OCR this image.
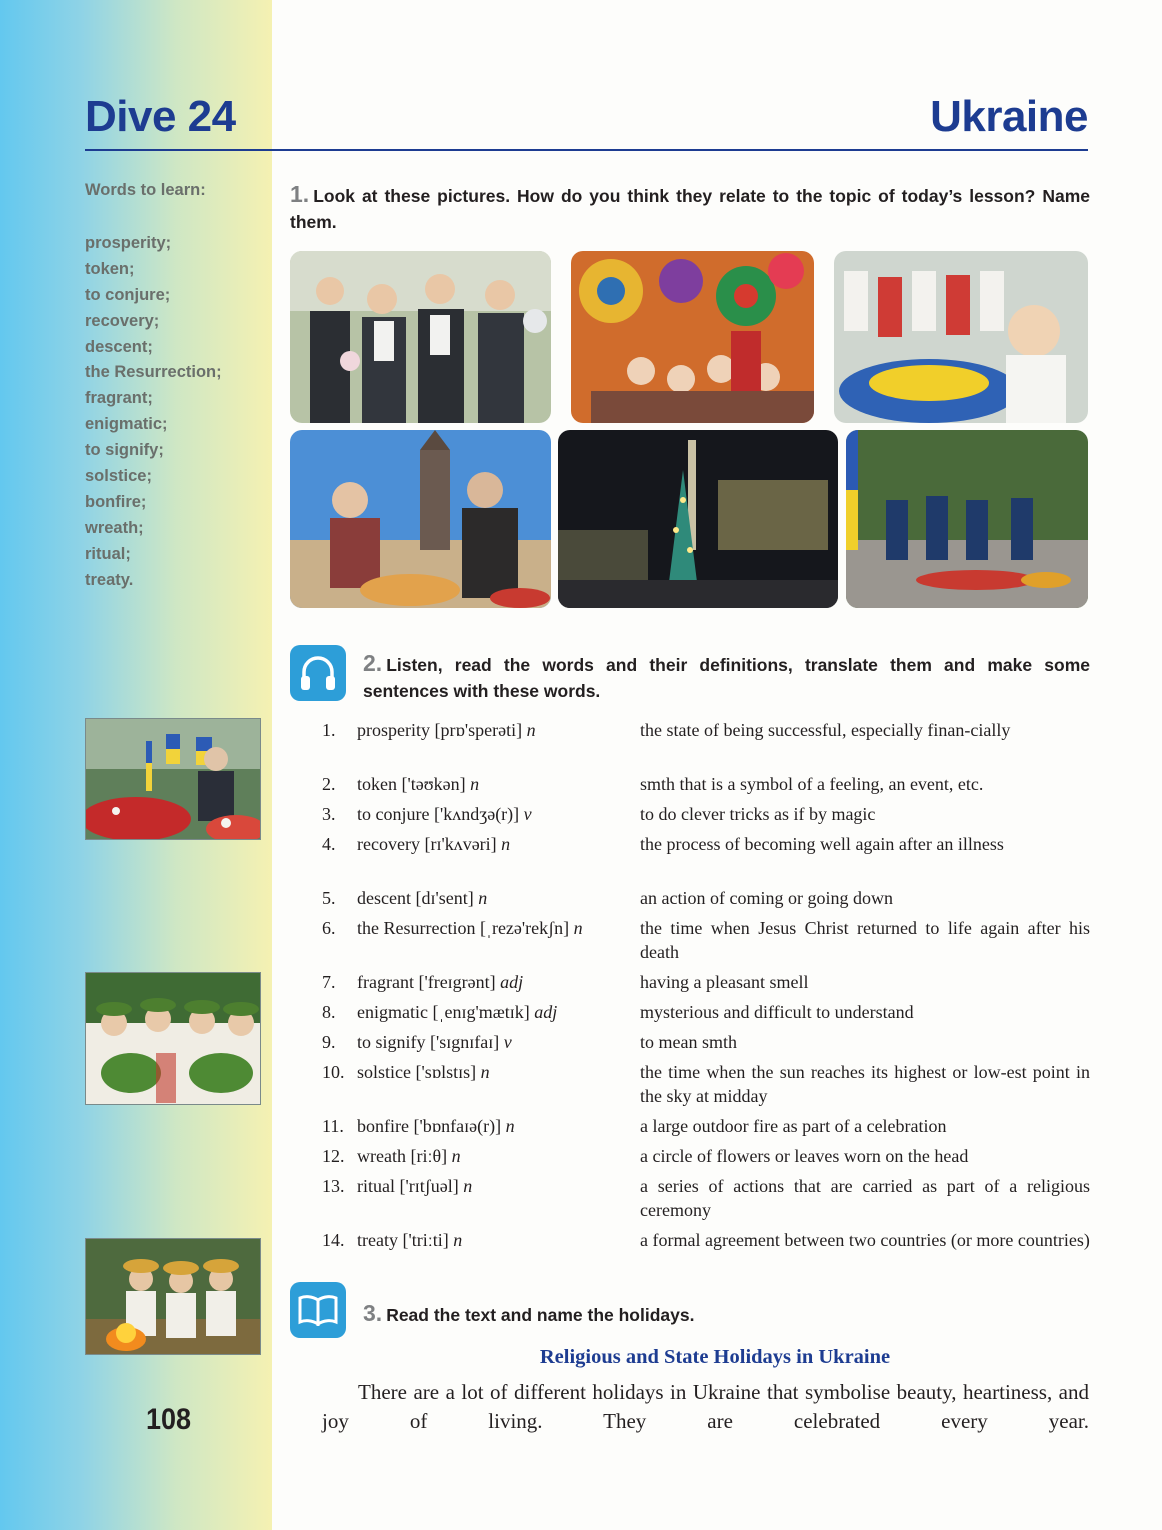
Dive 24	Ukraine
Words to learn:
prosperity;
token;
to conjure;
recovery;
descent;
the Resurrection;
fragrant;
enigmatic;
to signify;
solstice;
bonfire;
wreath;
ritual;
treaty.
108
1. Look at these pictures. How do you think they relate to the topic of today’s lesson? Name them.
2. Listen, read the words and their definitions, translate them and make some sentences with these words.
1. prosperity [prɒ'sperəti] n	the state of being successful, especially finan-cially
2. token ['təʊkən] n	smth that is a symbol of a feeling, an event, etc.
3. to conjure ['kʌndʒə(r)] v	to do clever tricks as if by magic
4. recovery [rɪ'kʌvəri] n	the process of becoming well again after an illness
5. descent [dɪ'sent] n	an action of coming or going down
6. the Resurrection [ˌrezə'rekʃn] n	the time when Jesus Christ returned to life again after his death
7. fragrant ['freɪgrənt] adj	having a pleasant smell
8. enigmatic [ˌenɪg'mætɪk] adj	mysterious and difficult to understand
9. to signify ['sɪgnɪfaɪ] v	to mean smth
10. solstice ['sɒlstɪs] n	the time when the sun reaches its highest or low-est point in the sky at midday
11. bonfire ['bɒnfaɪə(r)] n	a large outdoor fire as part of a celebration
12. wreath [riːθ] n	a circle of flowers or leaves worn on the head
13. ritual ['rɪtʃuəl] n	a series of actions that are carried as part of a religious ceremony
14. treaty ['triːti] n	a formal agreement between two countries (or more countries)
3. Read the text and name the holidays.
Religious and State Holidays in Ukraine
There are a lot of different holidays in Ukraine that symbolise beauty, heartiness, and joy of living. They are celebrated every year.
